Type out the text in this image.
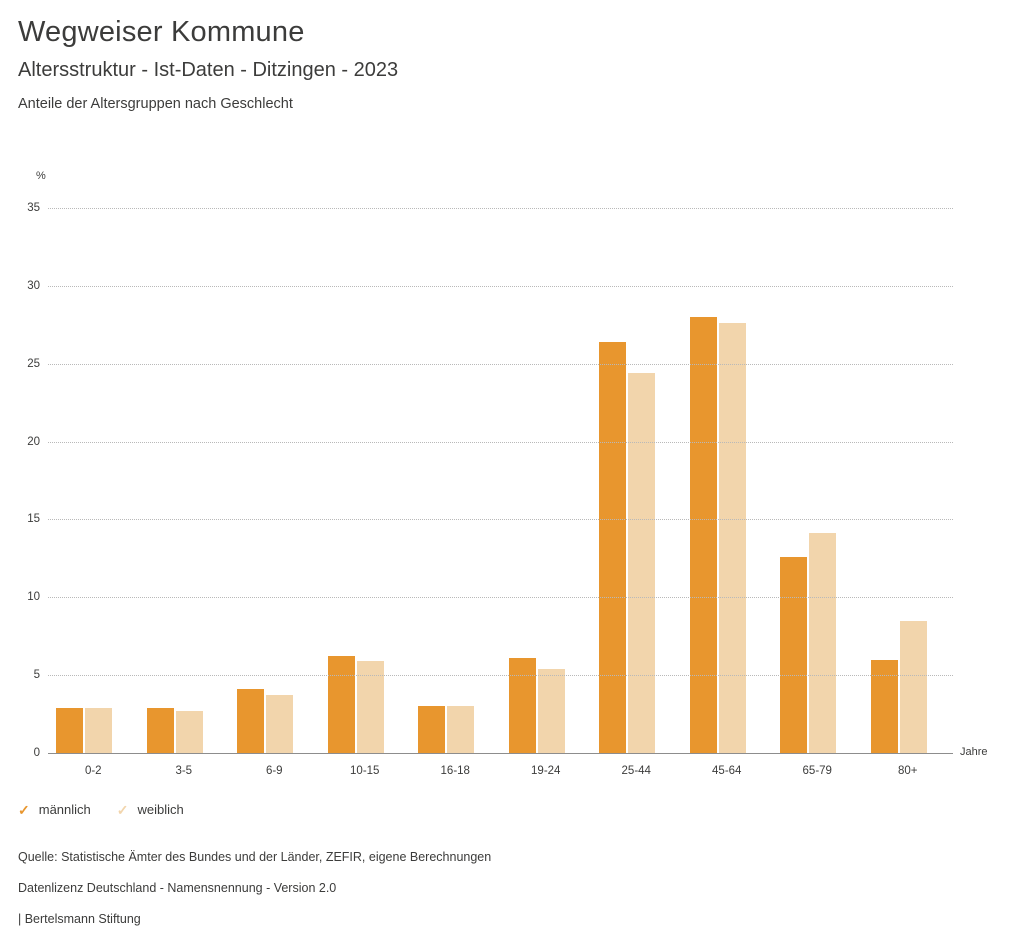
Wegweiser Kommune
Altersstruktur - Ist-Daten - Ditzingen - 2023
Anteile der Altersgruppen nach Geschlecht
%
Jahre
0
5
10
15
20
25
30
35
0-2	3-5	6-9	10-15	16-18	19-24	25-44	45-64	65-79	80+
✓ männlich ✓ weiblich
Quelle: Statistische Ämter des Bundes und der Länder, ZEFIR, eigene Berechnungen
Datenlizenz Deutschland - Namensnennung - Version 2.0
| Bertelsmann Stiftung
